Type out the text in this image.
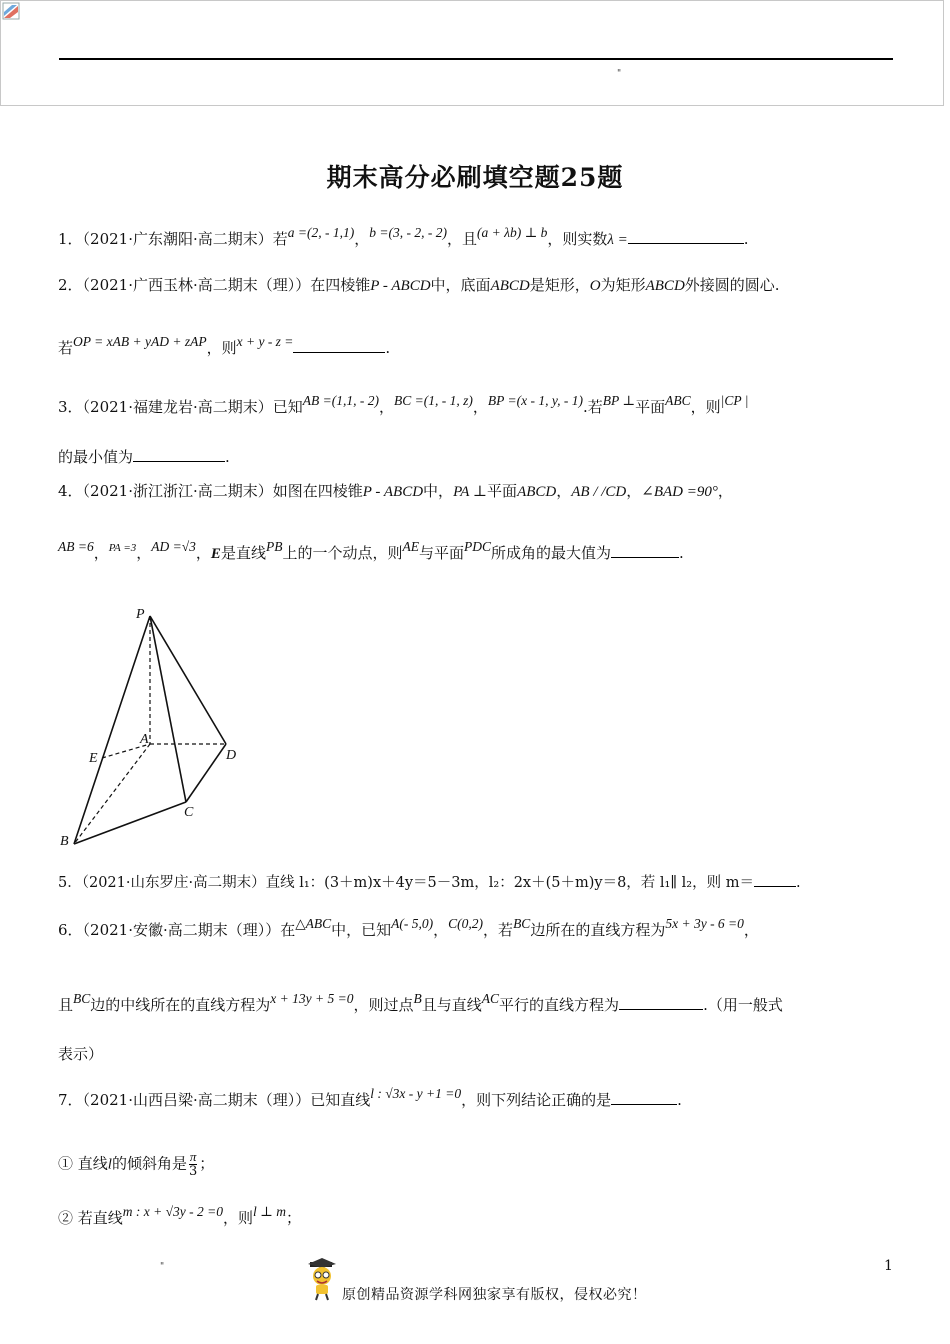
"
期末高分必刷填空题25题
1．（2021·广东潮阳·高二期末）若a =(2, - 1,1)，b =(3, - 2, - 2)，且(a + λb) ⊥ b，则实数λ =	.
2．（2021·广西玉林·高二期末（理））在四棱锥P - ABCD中，底面ABCD是矩形，O为矩形ABCD外接圆的圆心.
若OP = xAB + yAD + zAP，则x + y - z =	.
3．（2021·福建龙岩·高二期末）已知AB =(1,1, - 2)，BC =(1, - 1, z)，BP =(x - 1, y, - 1).若BP ⊥平面ABC，则|CP |
的最小值为	.
4．（2021·浙江浙江·高二期末）如图在四棱锥P - ABCD中，PA ⊥平面ABCD，AB / /CD，∠BAD =90°，
AB =6，$^{PA =3}$，AD =√3，E是直线PB上的一个动点，则AE与平面PDC所成角的最大值为	.
P
A
D
E
C
B
5．（2021·山东罗庄·高二期末）直线 l₁：(3＋m)x＋4y＝5－3m，l₂：2x＋(5＋m)y＝8，若 l₁∥ l₂，则 m＝	.
6．（2021·安徽·高二期末（理））在△ABC中，已知A(- 5,0)，C(0,2)，若BC边所在的直线方程为5x + 3y - 6 =0，
且BC边的中线所在的直线方程为x + 13y + 5 =0，则过点B且与直线AC平行的直线方程为	.（用一般式
表示）
7．（2021·山西吕梁·高二期末（理））已知直线l : √3x - y +1 =0，则下列结论正确的是	.
① 直线l的倾斜角是 $\frac{\pi}{3}$ ；
② 若直线m : x + √3y - 2 =0，则l ⊥ m；
"	1
原创精品资源学科网独家享有版权，侵权必究！
